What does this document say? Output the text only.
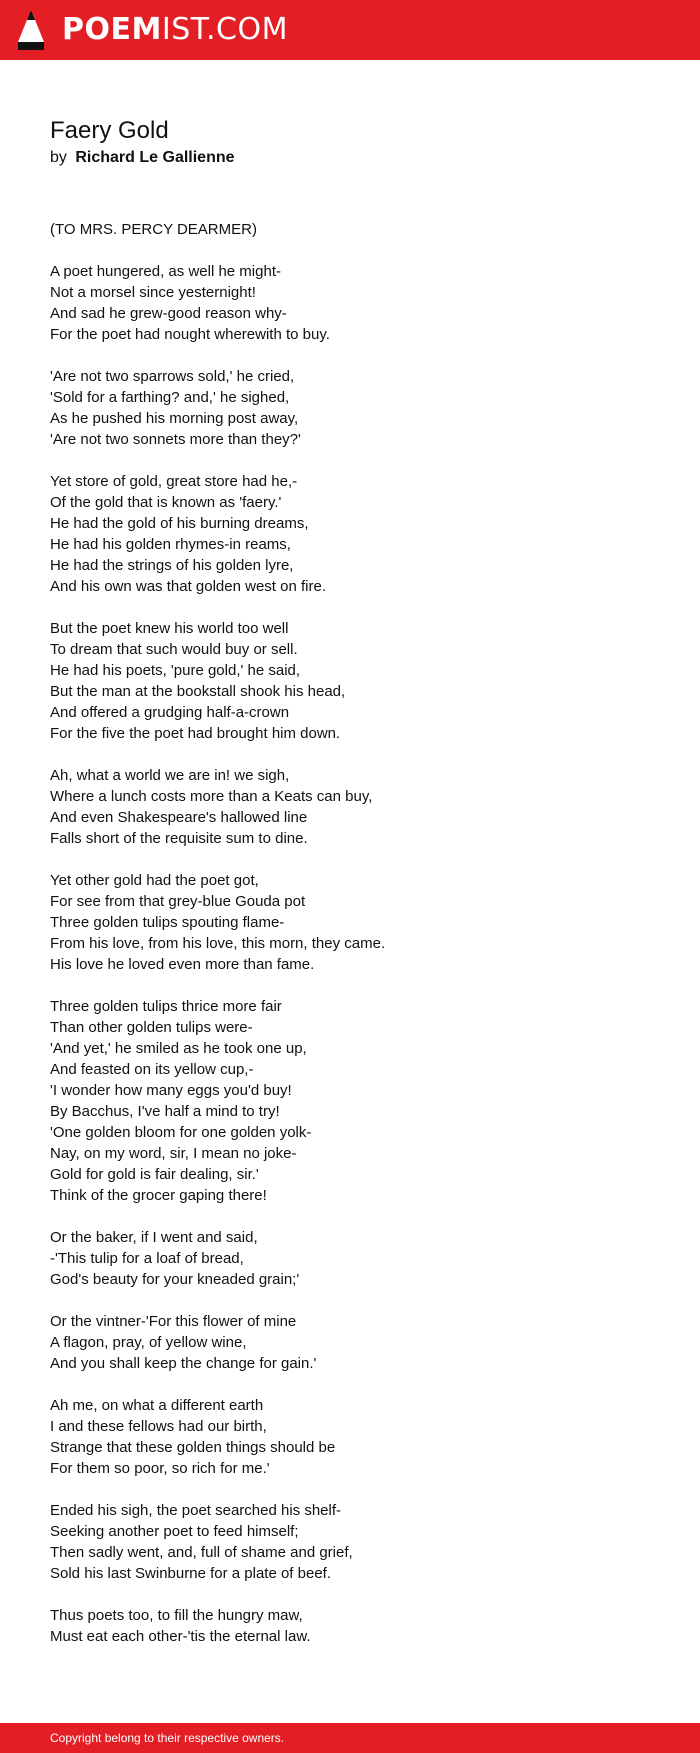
POEMIST.COM
Faery Gold
by Richard Le Gallienne
(TO MRS. PERCY DEARMER)
A poet hungered, as well he might-
Not a morsel since yesternight!
And sad he grew-good reason why-
For the poet had nought wherewith to buy.
'Are not two sparrows sold,' he cried,
'Sold for a farthing? and,' he sighed,
As he pushed his morning post away,
'Are not two sonnets more than they?'
Yet store of gold, great store had he,-
Of the gold that is known as 'faery.'
He had the gold of his burning dreams,
He had his golden rhymes-in reams,
He had the strings of his golden lyre,
And his own was that golden west on fire.
But the poet knew his world too well
To dream that such would buy or sell.
He had his poets, 'pure gold,' he said,
But the man at the bookstall shook his head,
And offered a grudging half-a-crown
For the five the poet had brought him down.
Ah, what a world we are in! we sigh,
Where a lunch costs more than a Keats can buy,
And even Shakespeare's hallowed line
Falls short of the requisite sum to dine.
Yet other gold had the poet got,
For see from that grey-blue Gouda pot
Three golden tulips spouting flame-
From his love, from his love, this morn, they came.
His love he loved even more than fame.
Three golden tulips thrice more fair
Than other golden tulips were-
'And yet,' he smiled as he took one up,
And feasted on its yellow cup,-
'I wonder how many eggs you'd buy!
By Bacchus, I've half a mind to try!
'One golden bloom for one golden yolk-
Nay, on my word, sir, I mean no joke-
Gold for gold is fair dealing, sir.'
Think of the grocer gaping there!
Or the baker, if I went and said,
-'This tulip for a loaf of bread,
God's beauty for your kneaded grain;'
Or the vintner-'For this flower of mine
A flagon, pray, of yellow wine,
And you shall keep the change for gain.'
Ah me, on what a different earth
I and these fellows had our birth,
Strange that these golden things should be
For them so poor, so rich for me.'
Ended his sigh, the poet searched his shelf-
Seeking another poet to feed himself;
Then sadly went, and, full of shame and grief,
Sold his last Swinburne for a plate of beef.
Thus poets too, to fill the hungry maw,
Must eat each other-'tis the eternal law.
Copyright belong to their respective owners.
